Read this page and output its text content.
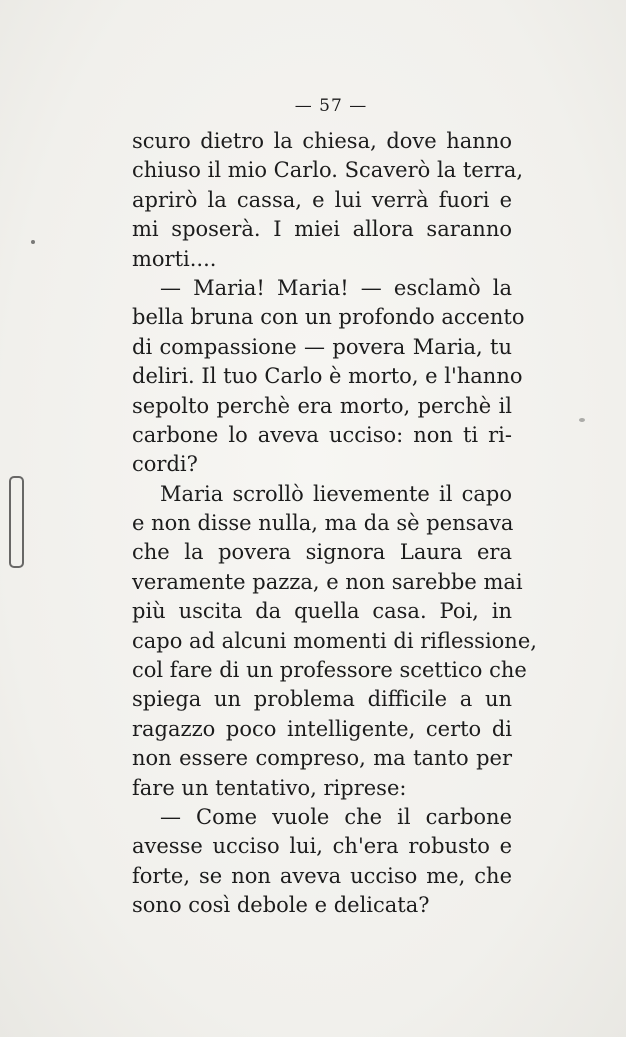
— 57 —
scuro dietro la chiesa, dove hanno
chiuso il mio Carlo. Scaverò la terra,
aprirò la cassa, e lui verrà fuori e
mi sposerà. I miei allora saranno
morti....
— Maria! Maria! — esclamò la
bella bruna con un profondo accento
di compassione — povera Maria, tu
deliri. Il tuo Carlo è morto, e l'hanno
sepolto perchè era morto, perchè il
carbone lo aveva ucciso: non ti ri-
cordi?
Maria scrollò lievemente il capo
e non disse nulla, ma da sè pensava
che la povera signora Laura era
veramente pazza, e non sarebbe mai
più uscita da quella casa. Poi, in
capo ad alcuni momenti di riflessione,
col fare di un professore scettico che
spiega un problema difficile a un
ragazzo poco intelligente, certo di
non essere compreso, ma tanto per
fare un tentativo, riprese:
— Come vuole che il carbone
avesse ucciso lui, ch'era robusto e
forte, se non aveva ucciso me, che
sono così debole e delicata?
